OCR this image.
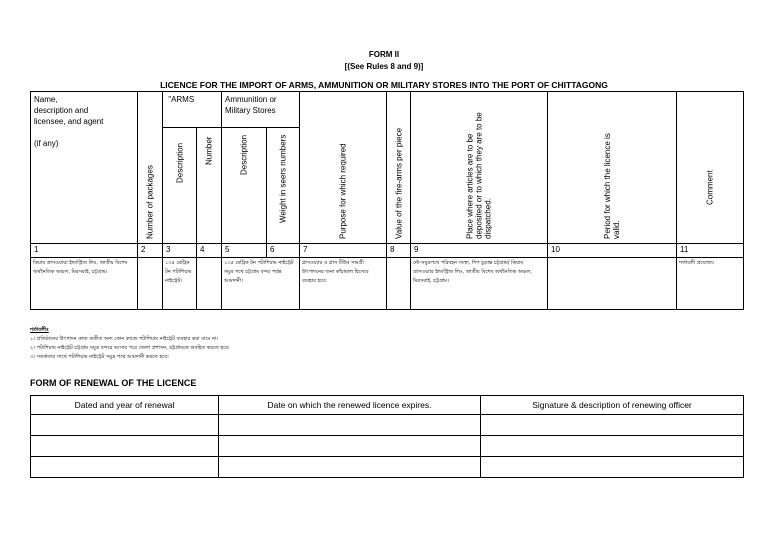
FORM II
[(See Rules 8 and 9)]
LICENCE FOR THE IMPORT OF ARMS, AMMUNITION OR MILITARY STORES INTO THE PORT OF CHITTAGONG
Name,
description and
licensee, and agent

(if any)	Number of packages	"ARMS		Ammunition or Military Stores		Purpose for which required	Value of the fire-arms per piece	Place where articles are to be deposited or to which they are to be dispatched.	Period for which the licence is valid.	Comment

		Description	Number	Description	Weight in seers numbers					

1	2	3	4	5	6	7	8	9	10	11
কিয়াম গ্রাসওয়ায়া ইন্ডাস্ট্রিজ লিঃ, জাতীয় বিশেষ অর্থনৈতিক অঞ্চল, মিরসরাই, চট্টগ্রাম।		১৩৫ মেট্রিক টন পটাশিয়াম নাইট্রেট।		১৩৫ মেট্রিক টন পটাশিয়াম নাইট্রেট সমুদ্র পথে চট্টগ্রাম বন্দর পর্যন্ত আমদানী।		গ্লাসওয়্যার ও গ্লাস টিউব সামগ্রী উৎপাদনের জন্য কাঁচামাল হিসেবে ব্যবহার হবে।		নৌ-সমুদ্রপথে পরিবহন সংস্থা, শিপ চুড়ান্ত চট্টগ্রাম/ কিয়াম গ্রাসওয়্যার ইন্ডাস্ট্রিজ লিঃ, জাতীয় বিশেষ অর্থনৈতিক অঞ্চল, মিরসরাই, চট্টগ্রাম।		শর্তাবলী প্রযোজ্য।
শর্তাবলীঃ
১। প্রতিষ্ঠানের উৎপাদন কাজ ব্যতীত অন্য কোন কাজে পটাশিয়াম নাইট্রেট ব্যবহার করা যাবে না।
২। পটাশিয়াম নাইট্রেট চট্টগ্রাম সমুদ্র বন্দরে আসার পরে জেলা প্রশাসন, চট্টগ্রামকে অবহিত করতে হবে।
৩। সতর্কতার সাথে পটাশিয়াম নাইট্রেট সমুদ্র পথে আমদানী করতে হবে।
FORM OF RENEWAL OF THE LICENCE
Dated and year of renewal	Date on which the renewed licence expires.	Signature & description of renewing officer
